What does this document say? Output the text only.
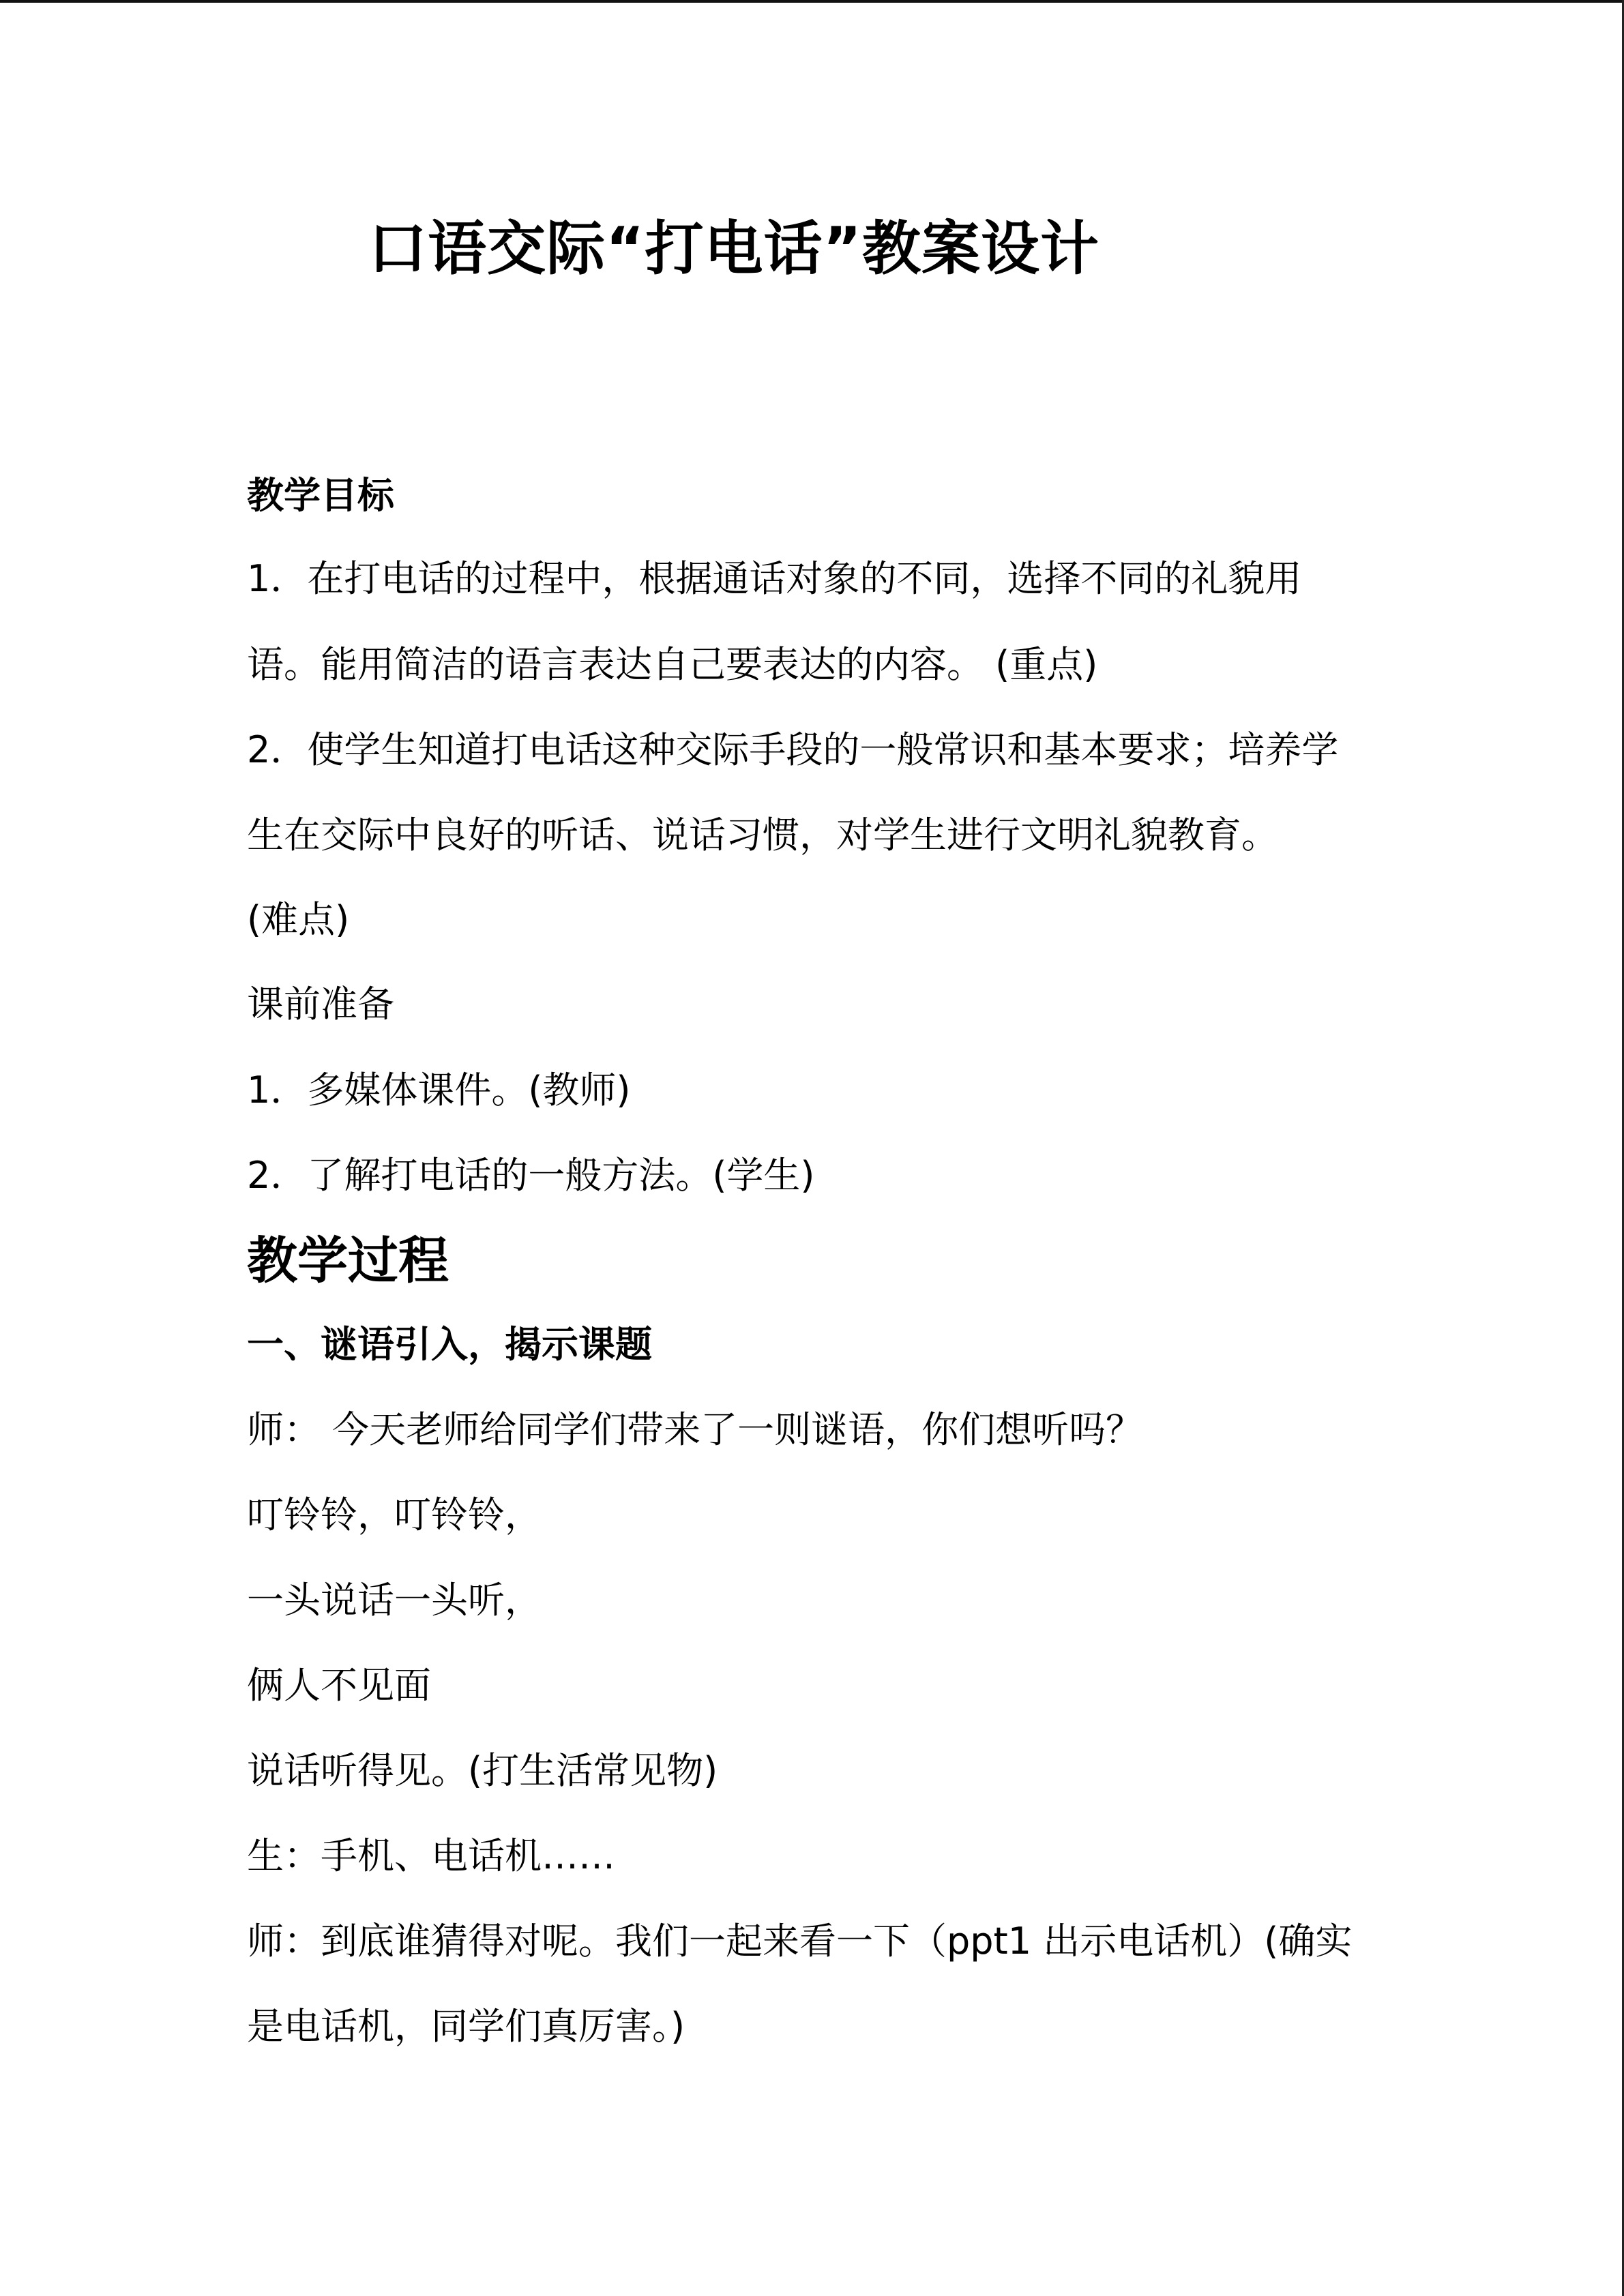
口语交际“打电话”教案设计
教学目标
1．在打电话的过程中，根据通话对象的不同，选择不同的礼貌用
语。能用简洁的语言表达自己要表达的内容。 (重点)
2．使学生知道打电话这种交际手段的一般常识和基本要求；培养学
生在交际中良好的听话、说话习惯，对学生进行文明礼貌教育。
(难点)
课前准备
1．多媒体课件。(教师)
2．了解打电话的一般方法。(学生)
教学过程
一、谜语引入，揭示课题
师： 今天老师给同学们带来了一则谜语，你们想听吗？
叮铃铃，叮铃铃，
一头说话一头听，
俩人不见面
说话听得见。(打生活常见物)
生：手机、电话机……
师：到底谁猜得对呢。我们一起来看一下（ppt1 出示电话机）(确实
是电话机，同学们真厉害。)
